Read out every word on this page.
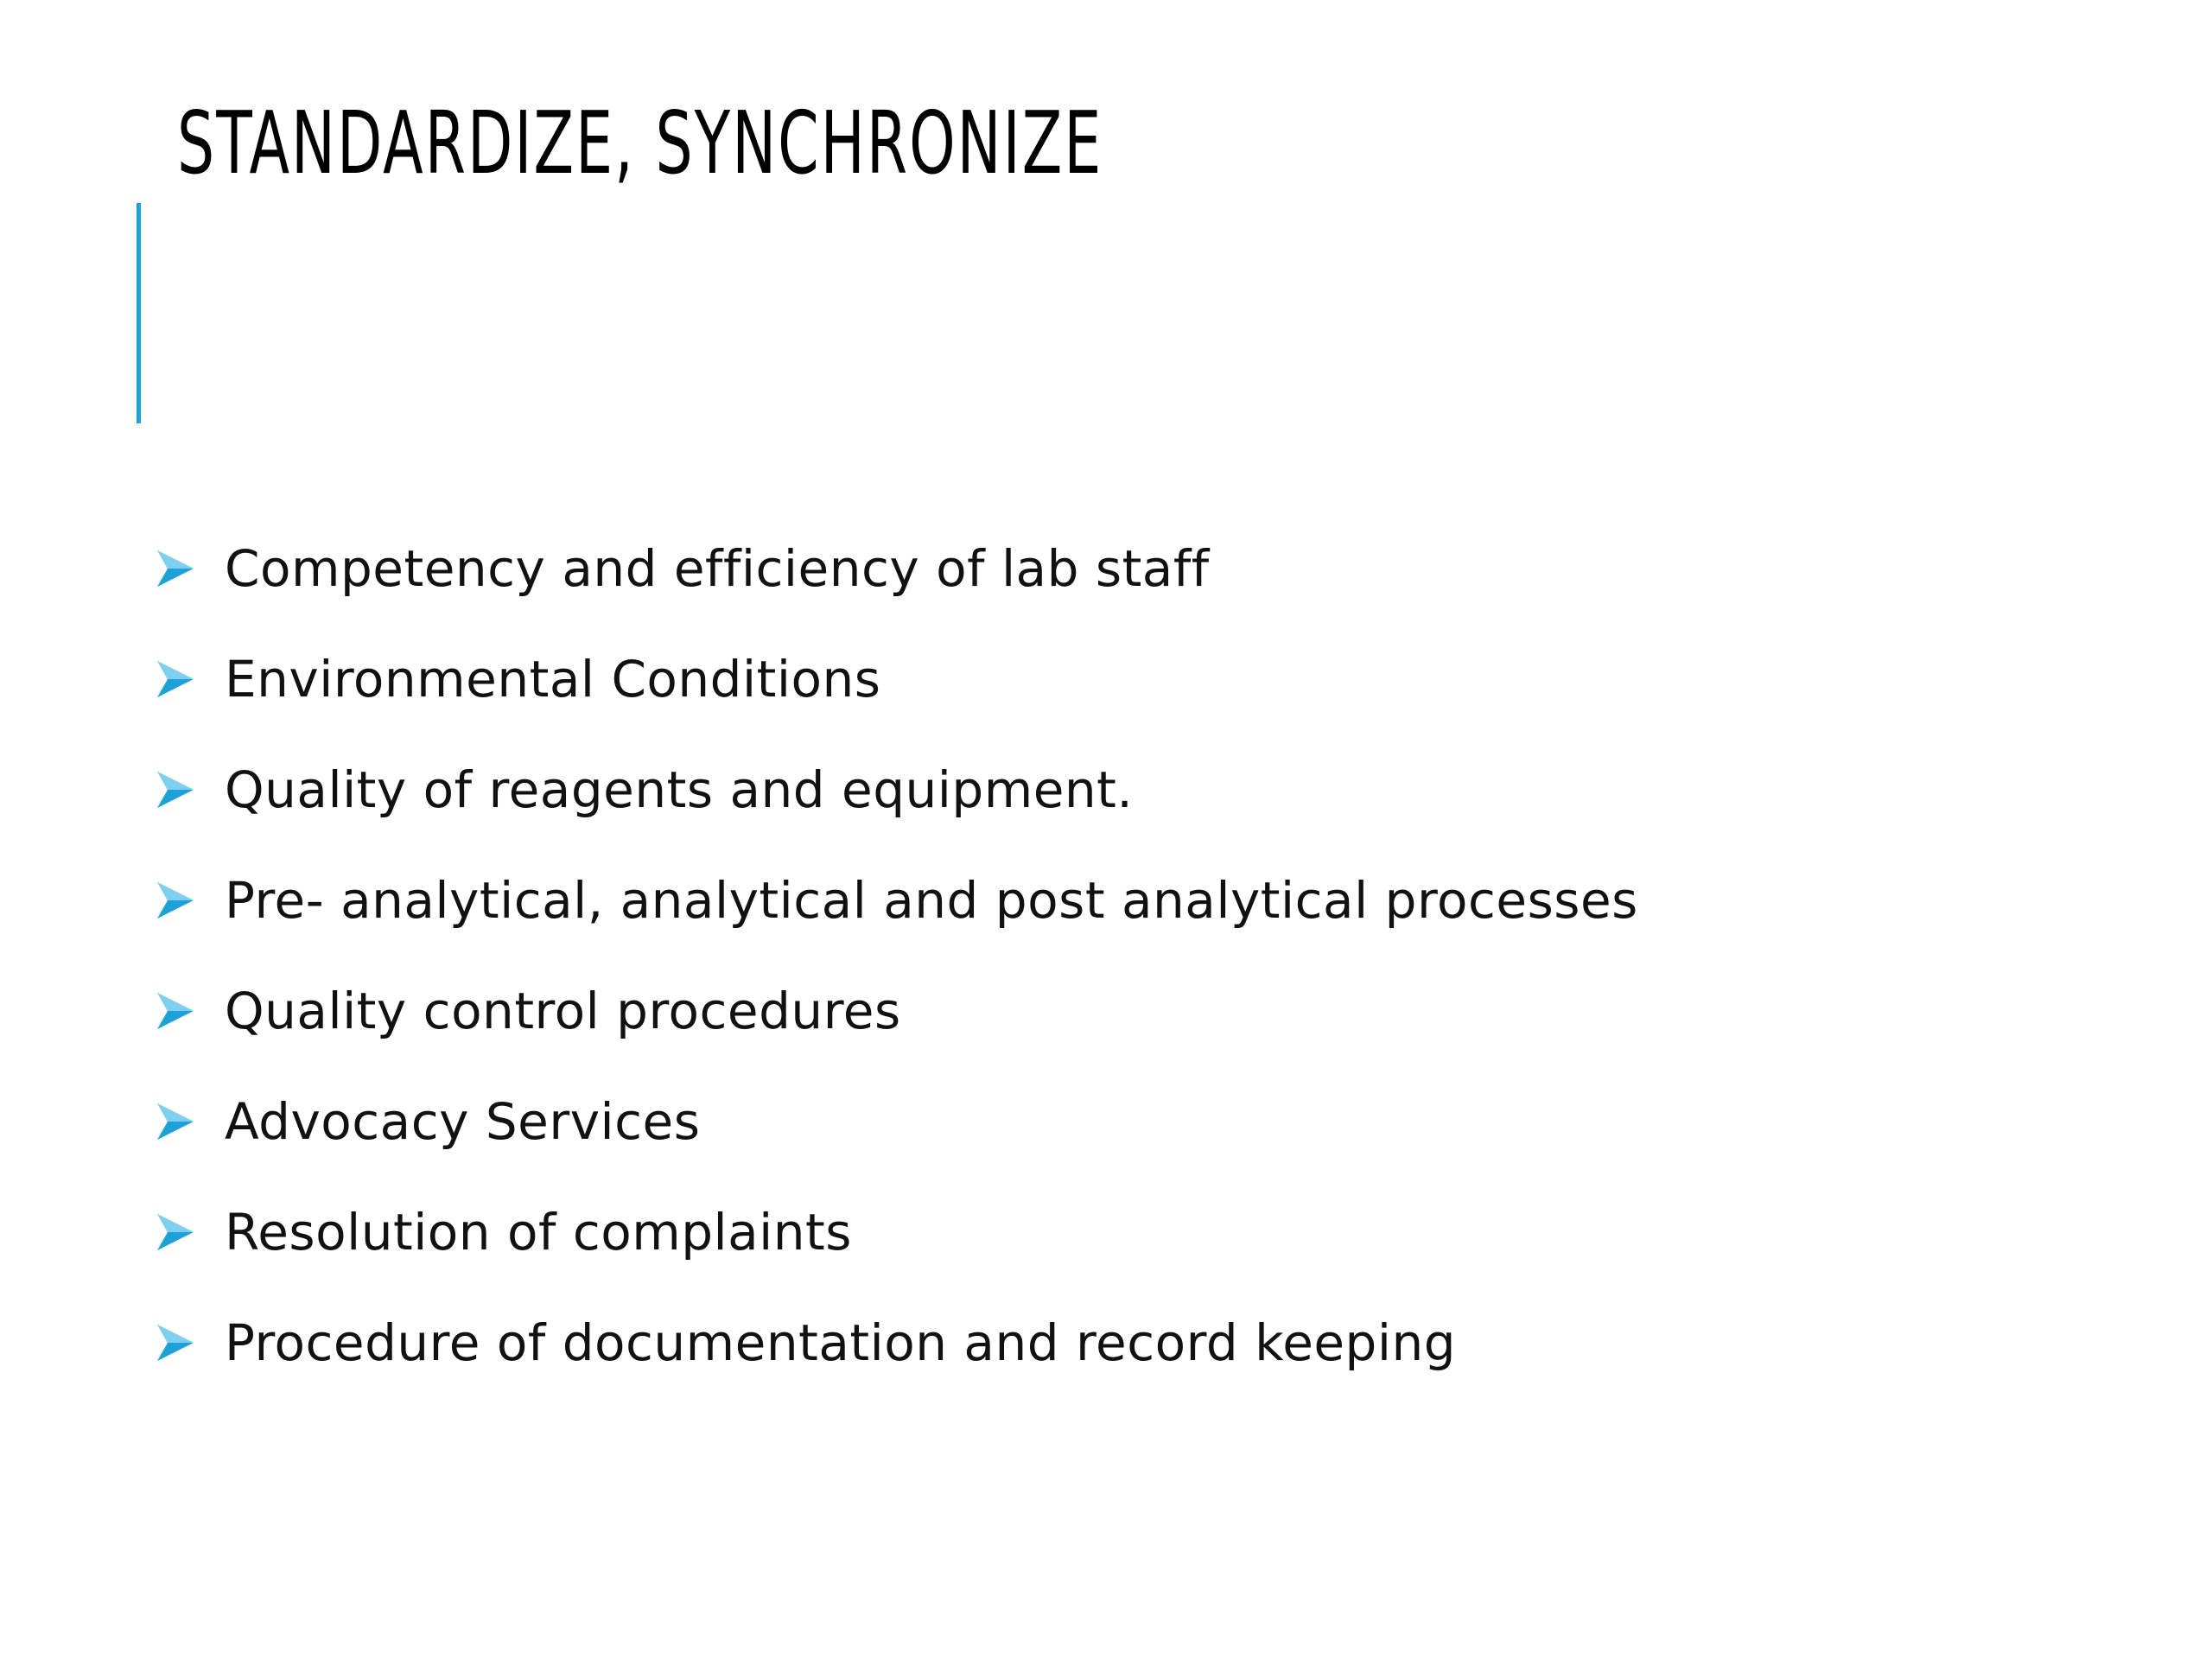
STANDARDIZE, SYNCHRONIZE
Competency and efficiency of lab staff
Environmental Conditions
Quality of reagents and equipment.
Pre- analytical, analytical and post analytical processes
Quality control procedures
Advocacy Services
Resolution of complaints
Procedure of documentation and record keeping
